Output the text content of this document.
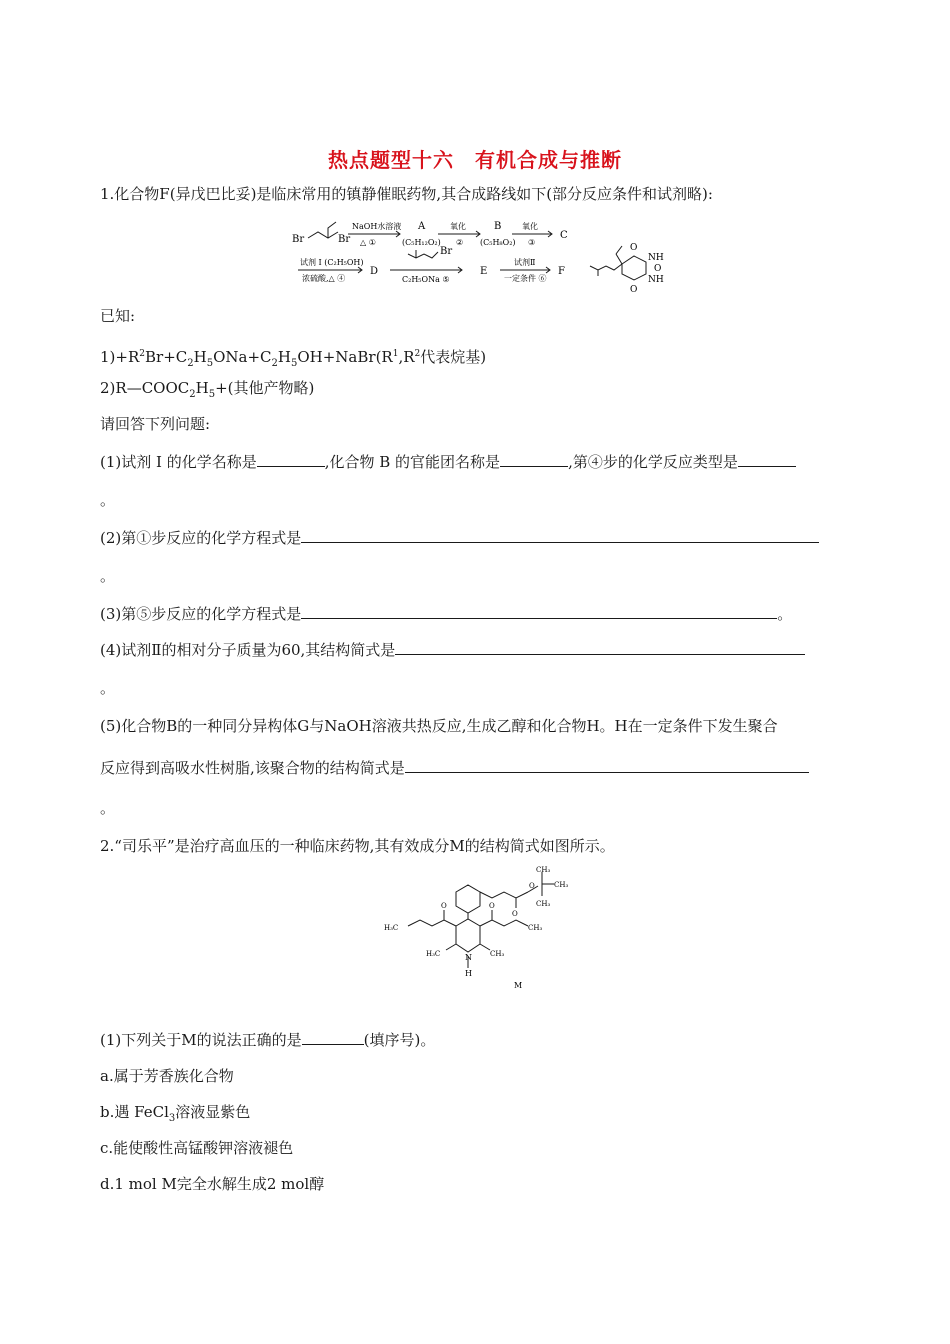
热点题型十六　有机合成与推断
1.化合物F(异戊巴比妥)是临床常用的镇静催眠药物,其合成路线如下(部分反应条件和试剂略):
Br	Br
NaOH水溶液
△ ①
A
(C₅H₁₂O₂)
氧化
②
B
(C₅H₈O₂)
氧化
③
C
试剂 I (C₂H₅OH)
浓硫酸,△ ④
D
Br
C₂H₅ONa ⑤
E
试剂Ⅱ
一定条件 ⑥
F
O
NH
O
NH
O
已知:
$1)+R^2Br+C_2H_5ONa+C_2H_5OH+NaBr(R^1,R^2$代表烷基)
$2)R—COOC_2H_5+$(其他产物略)
请回答下列问题:
(1)试剂 I 的化学名称是	,化合物 B 的官能团名称是	,第④步的化学反应类型是
。
(2)第①步反应的化学方程式是
。
(3)第⑤步反应的化学方程式是	。
(4)试剂Ⅱ的相对分子质量为60,其结构简式是
。
(5)化合物B的一种同分异构体G与NaOH溶液共热反应,生成乙醇和化合物H。H在一定条件下发生聚合
反应得到高吸水性树脂,该聚合物的结构简式是
。
2.“司乐平”是治疗高血压的一种临床药物,其有效成分M的结构简式如图所示。
CH₃
CH₃
CH₃
O
O
H₃C
O	O
CH₃
H₃C	CH₃
N
H
M
(1)下列关于M的说法正确的是	(填序号)。
a.属于芳香族化合物
b.遇 FeCl$_3$溶液显紫色
c.能使酸性高锰酸钾溶液褪色
d.1 mol M完全水解生成2 mol醇
